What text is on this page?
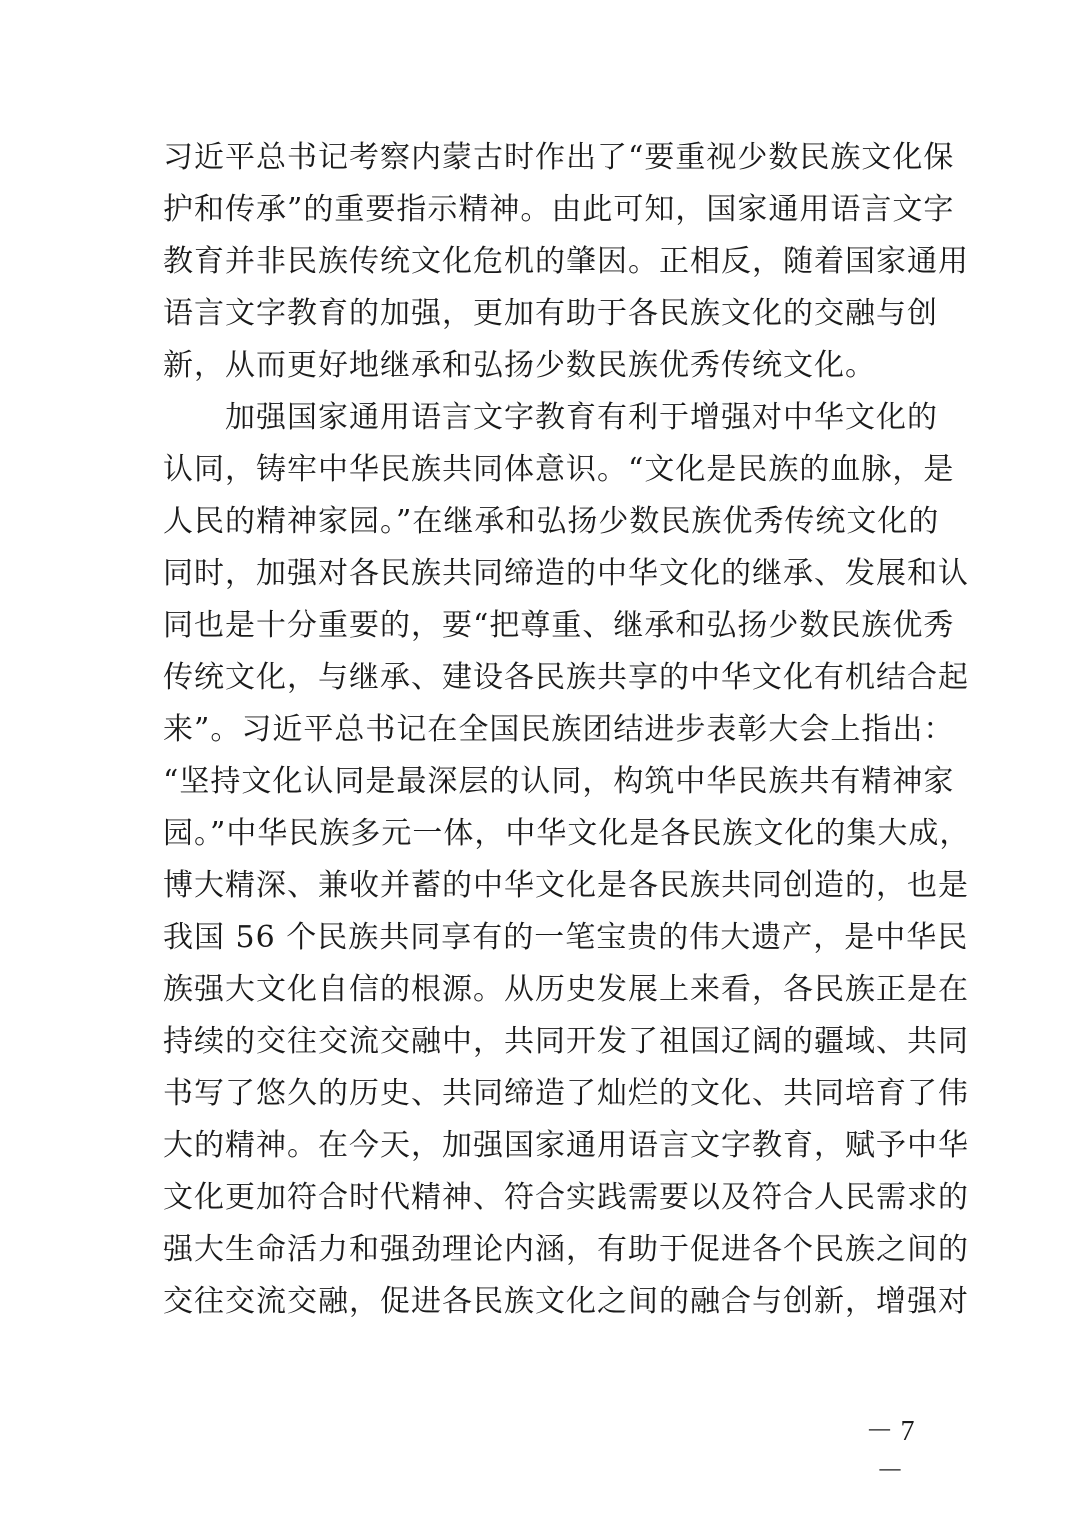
习近平总书记考察内蒙古时作出了“要重视少数民族文化保
护和传承”的重要指示精神。由此可知，国家通用语言文字
教育并非民族传统文化危机的肇因。正相反，随着国家通用
语言文字教育的加强，更加有助于各民族文化的交融与创
新，从而更好地继承和弘扬少数民族优秀传统文化。
　　加强国家通用语言文字教育有利于增强对中华文化的
认同，铸牢中华民族共同体意识。“文化是民族的血脉，是
人民的精神家园。”在继承和弘扬少数民族优秀传统文化的
同时，加强对各民族共同缔造的中华文化的继承、发展和认
同也是十分重要的，要“把尊重、继承和弘扬少数民族优秀
传统文化，与继承、建设各民族共享的中华文化有机结合起
来”。习近平总书记在全国民族团结进步表彰大会上指出：
“坚持文化认同是最深层的认同，构筑中华民族共有精神家
园。”中华民族多元一体，中华文化是各民族文化的集大成，
博大精深、兼收并蓄的中华文化是各民族共同创造的，也是
我国 56 个民族共同享有的一笔宝贵的伟大遗产，是中华民
族强大文化自信的根源。从历史发展上来看，各民族正是在
持续的交往交流交融中，共同开发了祖国辽阔的疆域、共同
书写了悠久的历史、共同缔造了灿烂的文化、共同培育了伟
大的精神。在今天，加强国家通用语言文字教育，赋予中华
文化更加符合时代精神、符合实践需要以及符合人民需求的
强大生命活力和强劲理论内涵，有助于促进各个民族之间的
交往交流交融，促进各民族文化之间的融合与创新，增强对
－ 7 －
